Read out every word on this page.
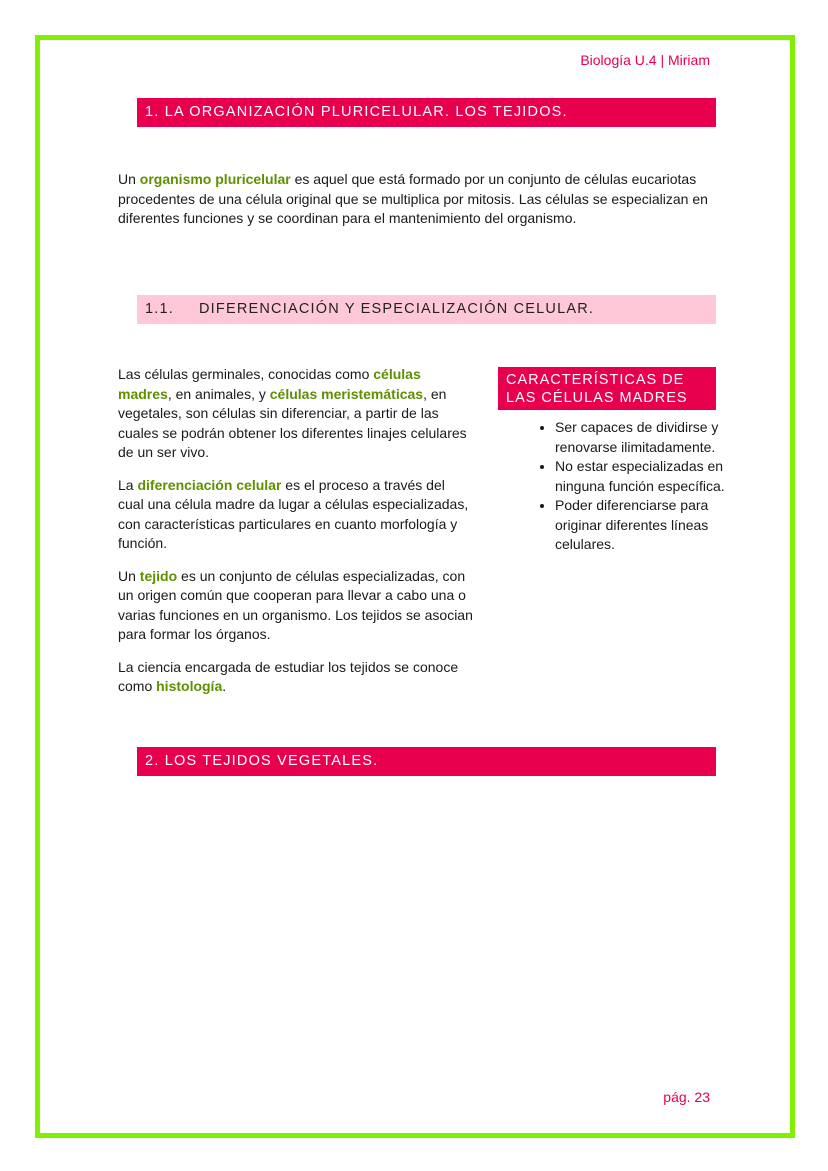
Biología U.4 | Miriam
1. LA ORGANIZACIÓN PLURICELULAR. LOS TEJIDOS.

Un organismo pluricelular es aquel que está formado por un conjunto de células eucariotas procedentes de una célula original que se multiplica por mitosis. Las células se especializan en diferentes funciones y se coordinan para el mantenimiento del organismo.

1.1. DIFERENCIACIÓN Y ESPECIALIZACIÓN CELULAR.

Las células germinales, conocidas como células madres, en animales, y células meristemáticas, en vegetales, son células sin diferenciar, a partir de las cuales se podrán obtener los diferentes linajes celulares de un ser vivo.

La diferenciación celular es el proceso a través del cual una célula madre da lugar a células especializadas, con características particulares en cuanto morfología y función.

Un tejido es un conjunto de células especializadas, con un origen común que cooperan para llevar a cabo una o varias funciones en un organismo. Los tejidos se asocian para formar los órganos.

La ciencia encargada de estudiar los tejidos se conoce como histología.

CARACTERÍSTICAS DE LAS CÉLULAS MADRES
• Ser capaces de dividirse y renovarse ilimitadamente.
• No estar especializadas en ninguna función específica.
• Poder diferenciarse para originar diferentes líneas celulares.
2. LOS TEJIDOS VEGETALES.
pág. 23
